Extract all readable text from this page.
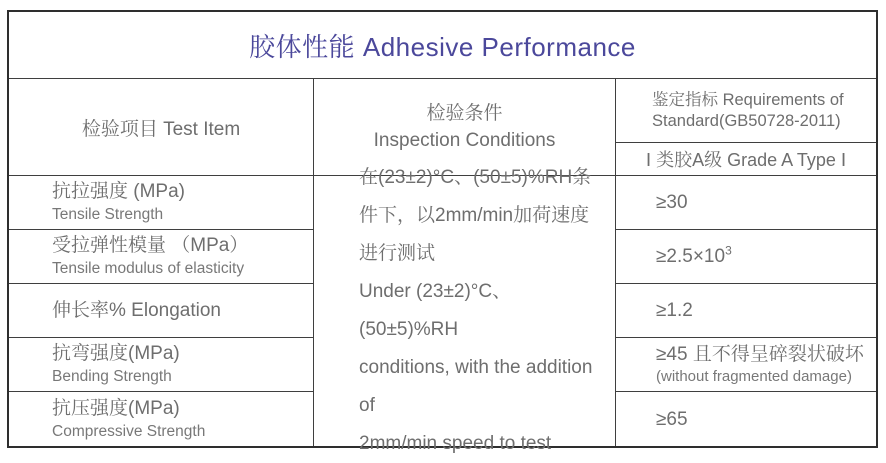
胶体性能 Adhesive Performance
检验项目 Test Item
检验条件
Inspection Conditions
鉴定指标 Requirements of
Standard(GB50728-2011)
Ⅰ 类胶A级 Grade A Type Ⅰ
抗拉强度 (MPa)
Tensile Strength
受拉弹性模量 （MPa）
Tensile modulus of elasticity
伸长率% Elongation
抗弯强度(MPa)
Bending Strength
抗压强度(MPa)
Compressive Strength
在(23±2)°C、(50±5)%RH条
件下，以2mm/min加荷速度
进行测试
Under (23±2)°C、(50±5)%RH
conditions, with the addition of
2mm/min speed to test
≥30
$\ge 2.5\times 10^3$
≥1.2
≥45 且不得呈碎裂状破坏
(without fragmented damage)
≥65
